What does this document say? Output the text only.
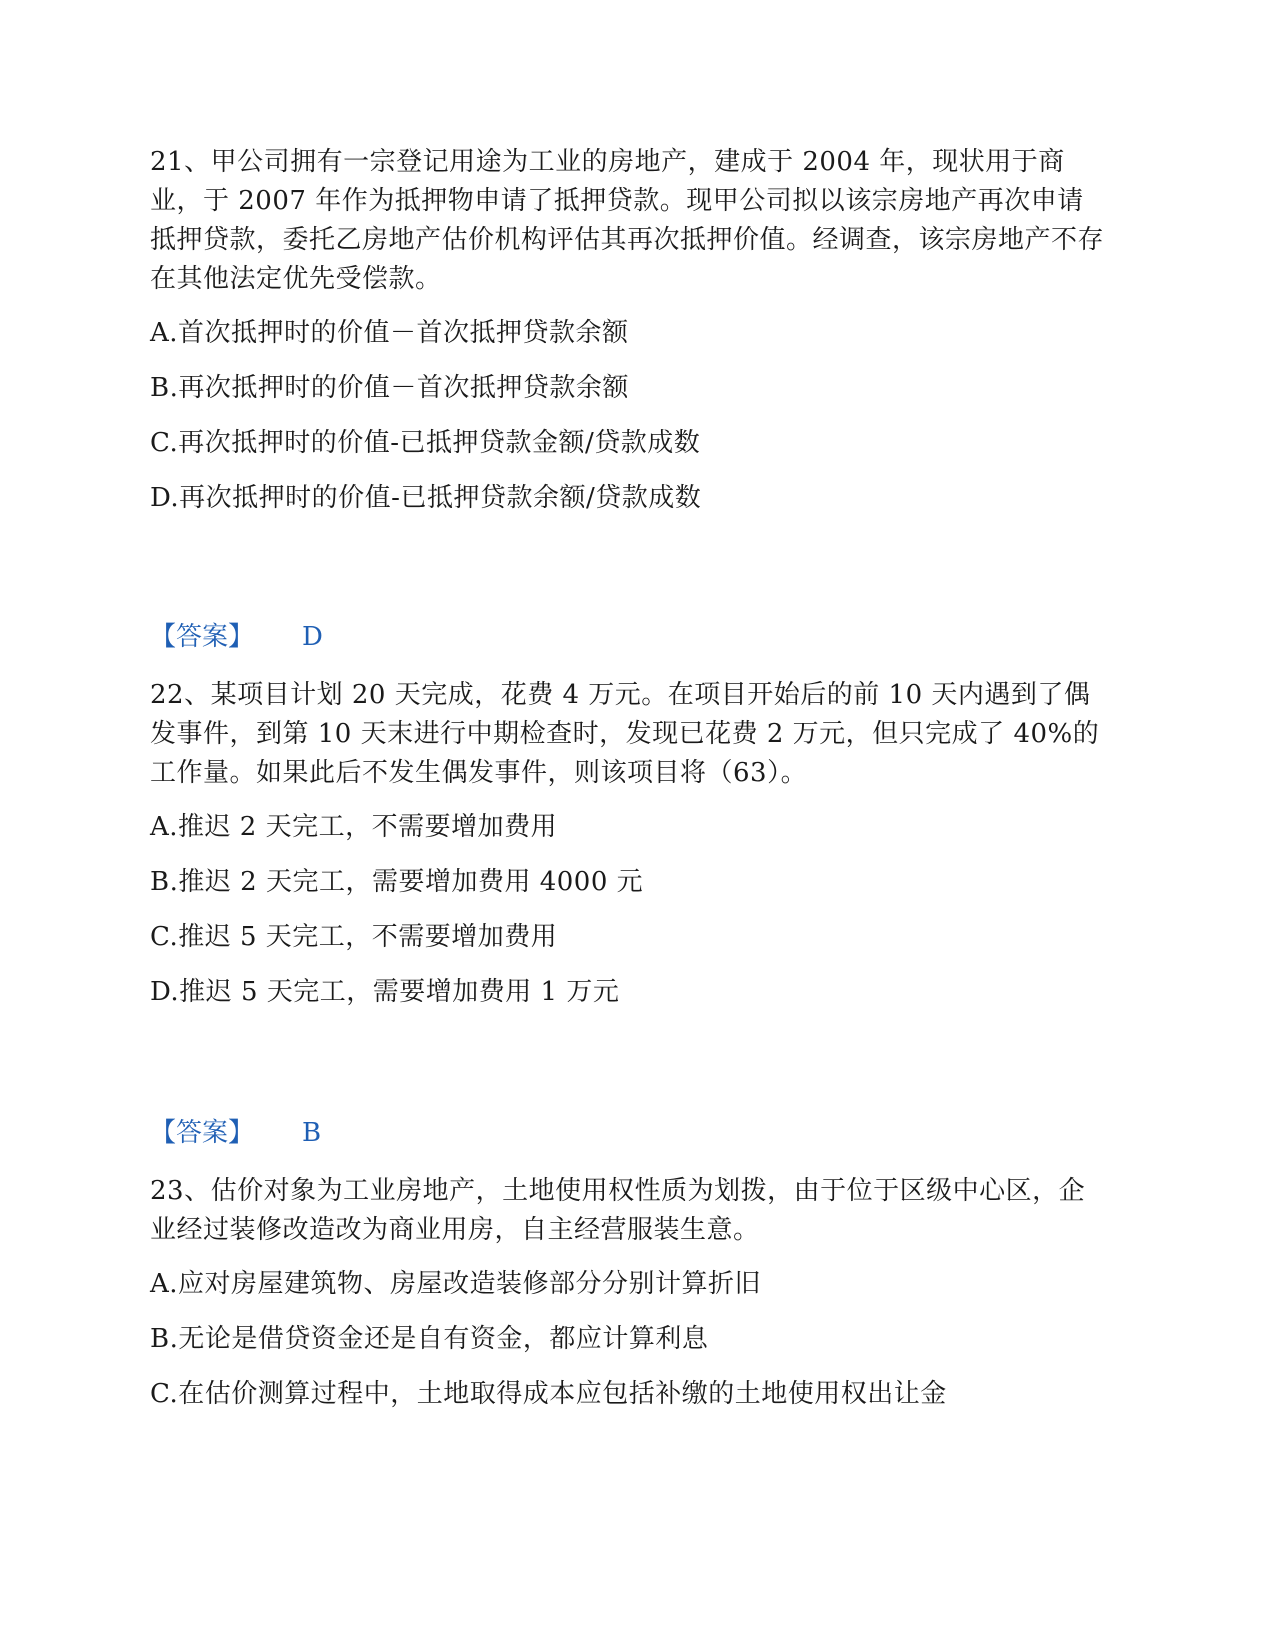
21、甲公司拥有一宗登记用途为工业的房地产，建成于 2004 年，现状用于商业，于 2007 年作为抵押物申请了抵押贷款。现甲公司拟以该宗房地产再次申请抵押贷款，委托乙房地产估价机构评估其再次抵押价值。经调查，该宗房地产不存在其他法定优先受偿款。

A.首次抵押时的价值－首次抵押贷款余额
B.再次抵押时的价值－首次抵押贷款余额
C.再次抵押时的价值-已抵押贷款金额/贷款成数
D.再次抵押时的价值-已抵押贷款余额/贷款成数
【答案】 D

22、某项目计划 20 天完成，花费 4 万元。在项目开始后的前 10 天内遇到了偶发事件，到第 10 天末进行中期检查时，发现已花费 2 万元，但只完成了 40%的工作量。如果此后不发生偶发事件，则该项目将（63）。

A.推迟 2 天完工，不需要增加费用
B.推迟 2 天完工，需要增加费用 4000 元
C.推迟 5 天完工，不需要增加费用
D.推迟 5 天完工，需要增加费用 1 万元
【答案】 B

23、估价对象为工业房地产，土地使用权性质为划拨，由于位于区级中心区，企业经过装修改造改为商业用房，自主经营服装生意。

A.应对房屋建筑物、房屋改造装修部分分别计算折旧
B.无论是借贷资金还是自有资金，都应计算利息
C.在估价测算过程中，土地取得成本应包括补缴的土地使用权出让金
